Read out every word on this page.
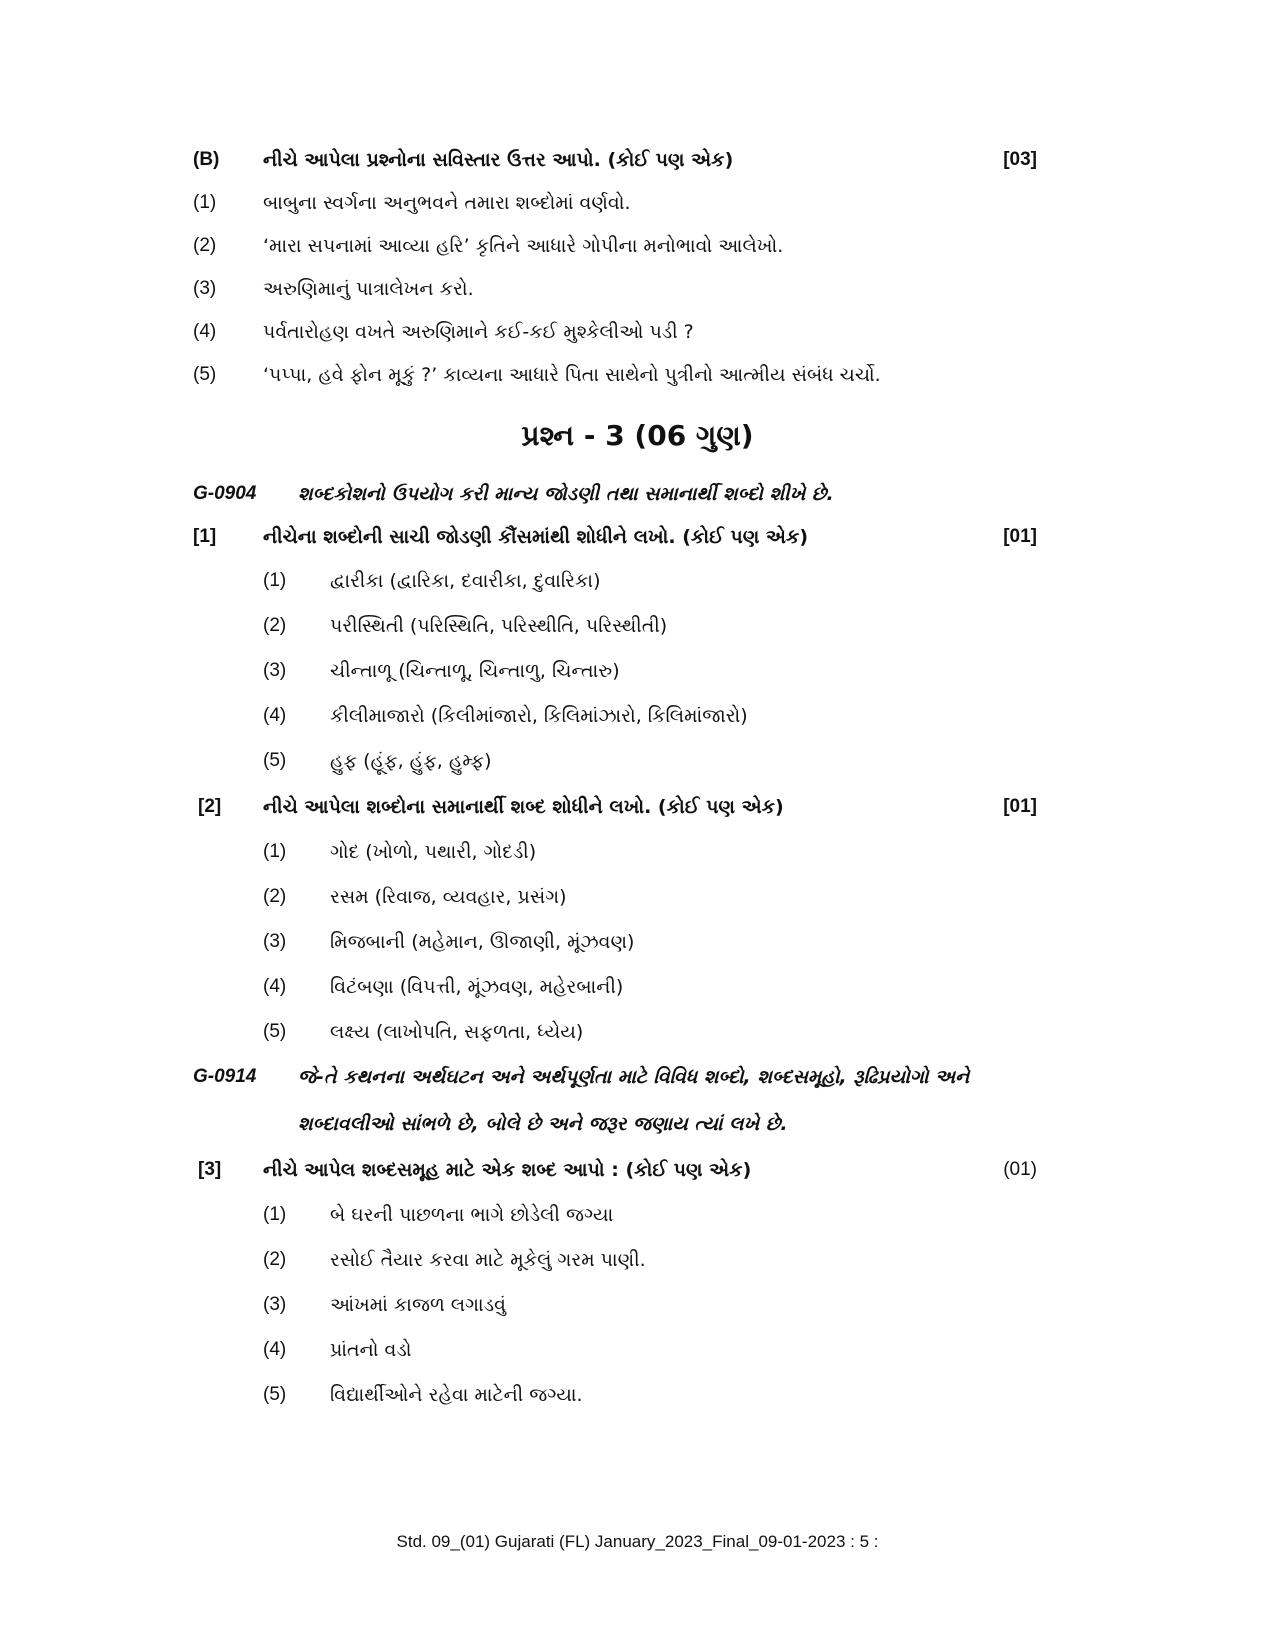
(B) નીચે આપેલા પ્રશ્નોના સવિસ્તાર ઉત્તર આપો. (કોઈ પણ એક)	[03]
(1) બાબુના સ્વર્ગના અનુભવને તમારા શબ્દોમાં વર્ણવો.
(2) ‘મારા સપનામાં આવ્યા હરિ’ કૃતિને આધારે ગોપીના મનોભાવો આલેખો.
(3) અરુણિમાનું પાત્રાલેખન કરો.
(4) પર્વતારોહણ વખતે અરુણિમાને કઈ-કઈ મુશ્કેલીઓ પડી ?
(5) ‘પપ્પા, હવે ફોન મૂકું ?’ કાવ્યના આધારે પિતા સાથેનો પુત્રીનો આત્મીય સંબંધ ચર્ચો.
પ્રશ્ન - 3 (06 ગુણ)
G-0904 શબ્દકોશનો ઉપયોગ કરી માન્ય જોડણી તથા સમાનાર્થી શબ્દો શીખે છે.
[1] નીચેના શબ્દોની સાચી જોડણી કૌંસમાંથી શોધીને લખો. (કોઈ પણ એક)	[01]
(1) દ્વારીકા (દ્વારિકા, દવારીકા, દુવારિકા)
(2) પરીસ્થિતી (પરિસ્થિતિ, પરિસ્થીતિ, પરિસ્થીતી)
(3) ચીન્તાળૂ (ચિન્તાળૂ, ચિન્તાળુ, ચિન્તારુ)
(4) કીલીમાજારો (કિલીમાંજારો, કિલિમાંઝારો, કિલિમાંજારો)
(5) હુફ (હૂંફ, હુંફ, હુમ્ફ)
[2] નીચે આપેલા શબ્દોના સમાનાર્થી શબ્દ શોધીને લખો. (કોઈ પણ એક)	[01]
(1) ગોદ (ખોળો, પથારી, ગોદડી)
(2) રસમ (રિવાજ, વ્યવહાર, પ્રસંગ)
(3) મિજબાની (મહેમાન, ઊજાણી, મૂંઝવણ)
(4) વિટંબણા (વિપત્તી, મૂંઝવણ, મહેરબાની)
(5) લક્ષ્ય (લાખોપતિ, સફળતા, ધ્યેય)
G-0914 જે-તે કથનના અર્થઘટન અને અર્થપૂર્ણતા માટે વિવિધ શબ્દો, શબ્દસમૂહો, રૂઢિપ્રયોગો અને
શબ્દાવલીઓ સાંભળે છે, બોલે છે અને જરૂર જણાય ત્યાં લખે છે.
[3] નીચે આપેલ શબ્દસમૂહ માટે એક શબ્દ આપો : (કોઈ પણ એક)	(01)
(1) બે ઘરની પાછળના ભાગે છોડેલી જગ્યા
(2) રસોઈ તૈયાર કરવા માટે મૂકેલું ગરમ પાણી.
(3) આંખમાં કાજળ લગાડવું
(4) પ્રાંતનો વડો
(5) વિદ્યાર્થીઓને રહેવા માટેની જગ્યા.
Std. 09_(01) Gujarati (FL) January_2023_Final_09-01-2023 : 5 :
